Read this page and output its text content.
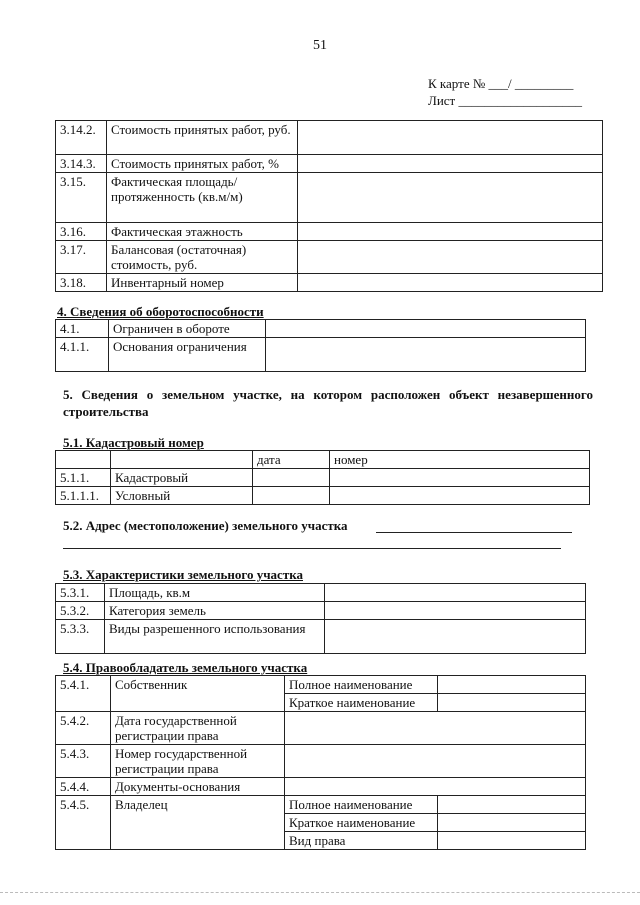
51
К карте № ___/ _________
Лист ___________________
3.14.2.	Стоимость принятых работ, руб.	
3.14.3.	Стоимость принятых работ, %	
3.15.	Фактическая площадь/протяженность (кв.м/м)	
3.16.	Фактическая этажность	
3.17.	Балансовая (остаточная) стоимость, руб.	
3.18.	Инвентарный номер	
4. Сведения об оборотоспособности
4.1.	Ограничен в обороте	
4.1.1.	Основания ограничения	
5. Сведения о земельном участке, на котором расположен объект незавершенного строительства
5.1. Кадастровый номер
		дата	номер
5.1.1.	Кадастровый		
5.1.1.1.	Условный		
5.2. Адрес (местоположение) земельного участка
5.3. Характеристики земельного участка
5.3.1.	Площадь, кв.м	
5.3.2.	Категория земель	
5.3.3.	Виды разрешенного использования	
5.4. Правообладатель земельного участка
5.4.1.	Собственник	Полное наименование	
		Краткое наименование	
5.4.2.	Дата государственной регистрации права		
5.4.3.	Номер государственной регистрации права		
5.4.4.	Документы-основания		
5.4.5.	Владелец	Полное наименование	
		Краткое наименование	
		Вид права	
